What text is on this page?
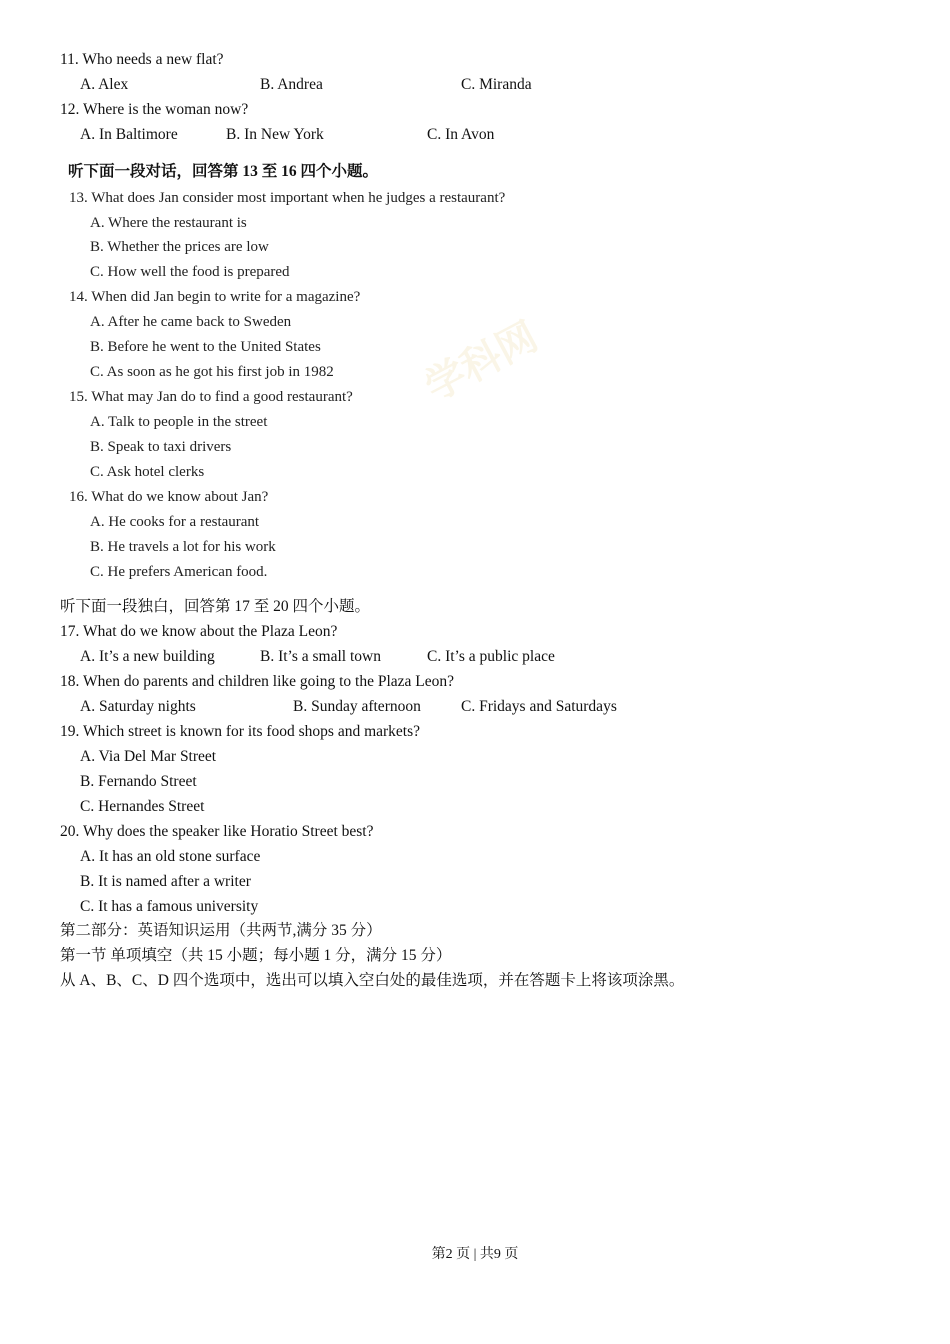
学科网
11. Who needs a new flat?
A. Alex	B. Andrea	C. Miranda
12. Where is the woman now?
A. In Baltimore	B. In New York	C. In Avon
听下面一段对话，回答第 13 至 16 四个小题。
13. What does Jan consider most important when he judges a restaurant?
A. Where the restaurant is
B. Whether the prices are low
C. How well the food is prepared
14. When did Jan begin to write for a magazine?
A. After he came back to Sweden
B. Before he went to the United States
C. As soon as he got his first job in 1982
15. What may Jan do to find a good restaurant?
A. Talk to people in the street
B. Speak to taxi drivers
C. Ask hotel clerks
16. What do we know about Jan?
A. He cooks for a restaurant
B. He travels a lot for his work
C. He prefers American food.
听下面一段独白，回答第 17 至 20 四个小题。
17. What do we know about the Plaza Leon?
A. It’s a new building	B. It’s a small town	C. It’s a public place
18. When do parents and children like going to the Plaza Leon?
A. Saturday nights	B. Sunday afternoon	C. Fridays and Saturdays
19. Which street is known for its food shops and markets?
A. Via Del Mar Street
B. Fernando Street
C. Hernandes Street
20. Why does the speaker like Horatio Street best?
A. It has an old stone surface
B. It is named after a writer
C. It has a famous university
第二部分：英语知识运用（共两节,满分 35 分）
第一节 单项填空（共 15 小题；每小题 1 分，满分 15 分）
从 A、B、C、D 四个选项中，选出可以填入空白处的最佳选项，并在答题卡上将该项涂黑。
第2 页 | 共9 页
